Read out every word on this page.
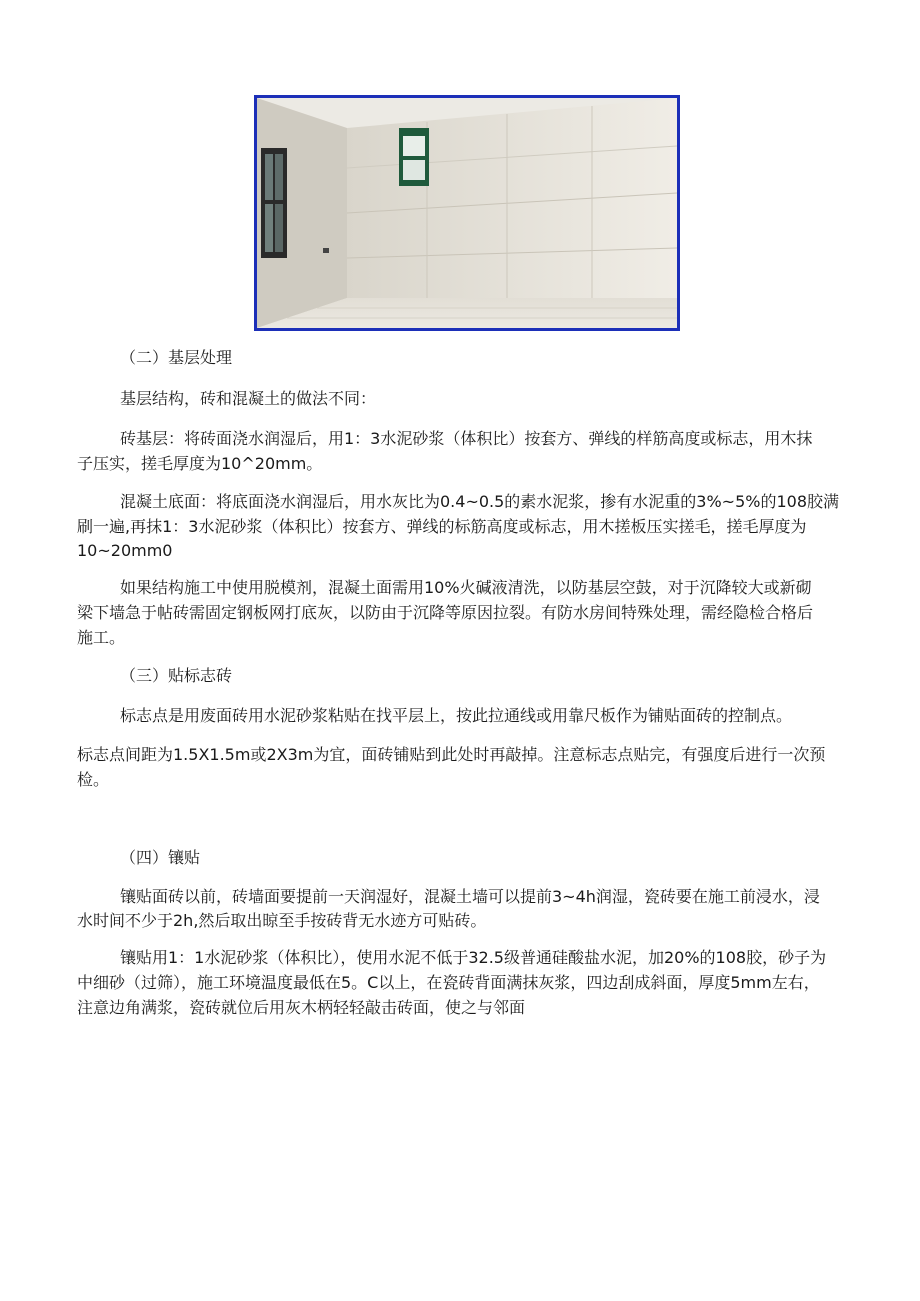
（二）基层处理
基层结构，砖和混凝土的做法不同：
砖基层：将砖面浇水润湿后，用1：3水泥砂浆（体积比）按套方、弹线的样筋高度或标志，用木抹
子压实，搓毛厚度为10^20mm。
混凝土底面：将底面浇水润湿后，用水灰比为0.4~0.5的素水泥浆，掺有水泥重的3%~5%的108胶满
刷一遍,再抹1：3水泥砂浆（体积比）按套方、弹线的标筋高度或标志，用木搓板压实搓毛，搓毛厚度为
10~20mm0
如果结构施工中使用脱模剂，混凝土面需用10%火碱液清洗，以防基层空鼓，对于沉降较大或新砌
梁下墙急于帖砖需固定钢板网打底灰，以防由于沉降等原因拉裂。有防水房间特殊处理，需经隐检合格后
施工。
（三）贴标志砖
标志点是用废面砖用水泥砂浆粘贴在找平层上，按此拉通线或用靠尺板作为铺贴面砖的控制点。
标志点间距为1.5X1.5m或2X3m为宜，面砖铺贴到此处时再敲掉。注意标志点贴完，有强度后进行一次预
检。
（四）镶贴
镶贴面砖以前，砖墙面要提前一天润湿好，混凝土墙可以提前3~4h润湿，瓷砖要在施工前浸水，浸
水时间不少于2h,然后取出晾至手按砖背无水迹方可贴砖。
镶贴用1：1水泥砂浆（体积比），使用水泥不低于32.5级普通硅酸盐水泥，加20%的108胶，砂子为
中细砂（过筛），施工环境温度最低在5。C以上，在瓷砖背面满抹灰浆，四边刮成斜面，厚度5mm左右，
注意边角满浆，瓷砖就位后用灰木柄轻轻敲击砖面，使之与邻面
